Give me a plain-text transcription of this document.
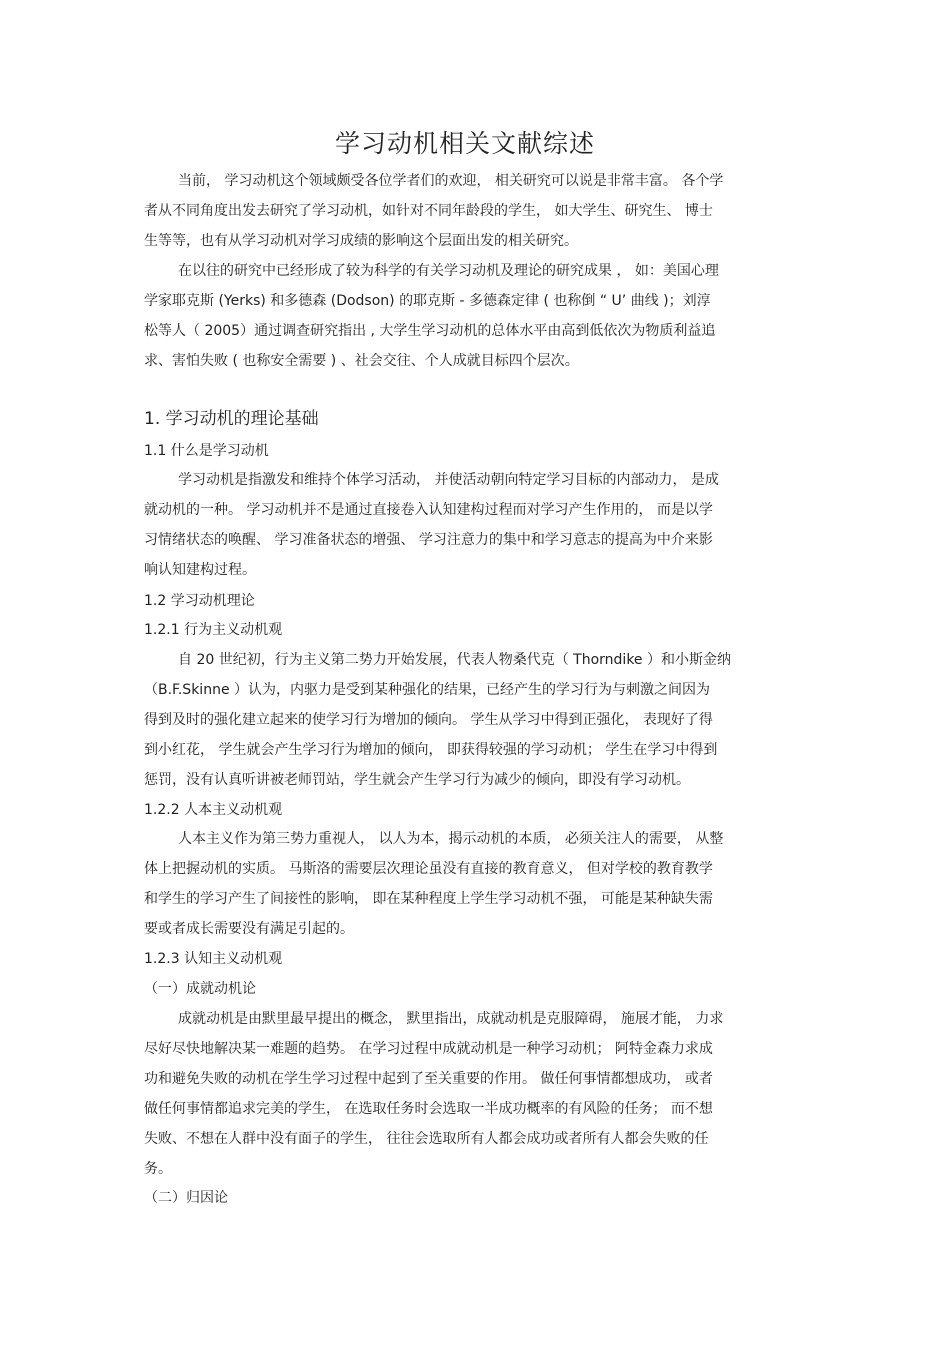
学习动机相关文献综述
当前， 学习动机这个领域颇受各位学者们的欢迎， 相关研究可以说是非常丰富。 各个学
者从不同角度出发去研究了学习动机，如针对不同年龄段的学生， 如大学生、研究生、 博士
生等等，也有从学习动机对学习成绩的影响这个层面出发的相关研究。
在以往的研究中已经形成了较为科学的有关学习动机及理论的研究成果 ， 如：美国心理
学家耶克斯 (Yerks) 和多德森 (Dodson) 的耶克斯 - 多德森定律 ( 也称倒 “ U’ 曲线 )；刘淳
松等人（ 2005）通过调查研究指出 , 大学生学习动机的总体水平由高到低依次为物质利益追
求、害怕失败 ( 也称安全需要 ) 、社会交往、个人成就目标四个层次。
1. 学习动机的理论基础
1.1 什么是学习动机
学习动机是指激发和维持个体学习活动， 并使活动朝向特定学习目标的内部动力， 是成
就动机的一种。 学习动机并不是通过直接卷入认知建构过程而对学习产生作用的， 而是以学
习情绪状态的唤醒、 学习准备状态的增强、 学习注意力的集中和学习意志的提高为中介来影
响认知建构过程。
1.2 学习动机理论
1.2.1 行为主义动机观
自 20 世纪初，行为主义第二势力开始发展，代表人物桑代克（ Thorndike ）和小斯金纳
（B.F.Skinne ）认为，内驱力是受到某种强化的结果，已经产生的学习行为与刺激之间因为
得到及时的强化建立起来的使学习行为增加的倾向。 学生从学习中得到正强化， 表现好了得
到小红花， 学生就会产生学习行为增加的倾向， 即获得较强的学习动机； 学生在学习中得到
惩罚，没有认真听讲被老师罚站，学生就会产生学习行为减少的倾向，即没有学习动机。
1.2.2 人本主义动机观
人本主义作为第三势力重视人， 以人为本，揭示动机的本质， 必须关注人的需要， 从整
体上把握动机的实质。 马斯洛的需要层次理论虽没有直接的教育意义， 但对学校的教育教学
和学生的学习产生了间接性的影响， 即在某种程度上学生学习动机不强， 可能是某种缺失需
要或者成长需要没有满足引起的。
1.2.3 认知主义动机观
（一）成就动机论
成就动机是由默里最早提出的概念， 默里指出，成就动机是克服障碍， 施展才能， 力求
尽好尽快地解决某一难题的趋势。 在学习过程中成就动机是一种学习动机； 阿特金森力求成
功和避免失败的动机在学生学习过程中起到了至关重要的作用。 做任何事情都想成功， 或者
做任何事情都追求完美的学生， 在选取任务时会选取一半成功概率的有风险的任务； 而不想
失败、不想在人群中没有面子的学生， 往往会选取所有人都会成功或者所有人都会失败的任
务。
（二）归因论
